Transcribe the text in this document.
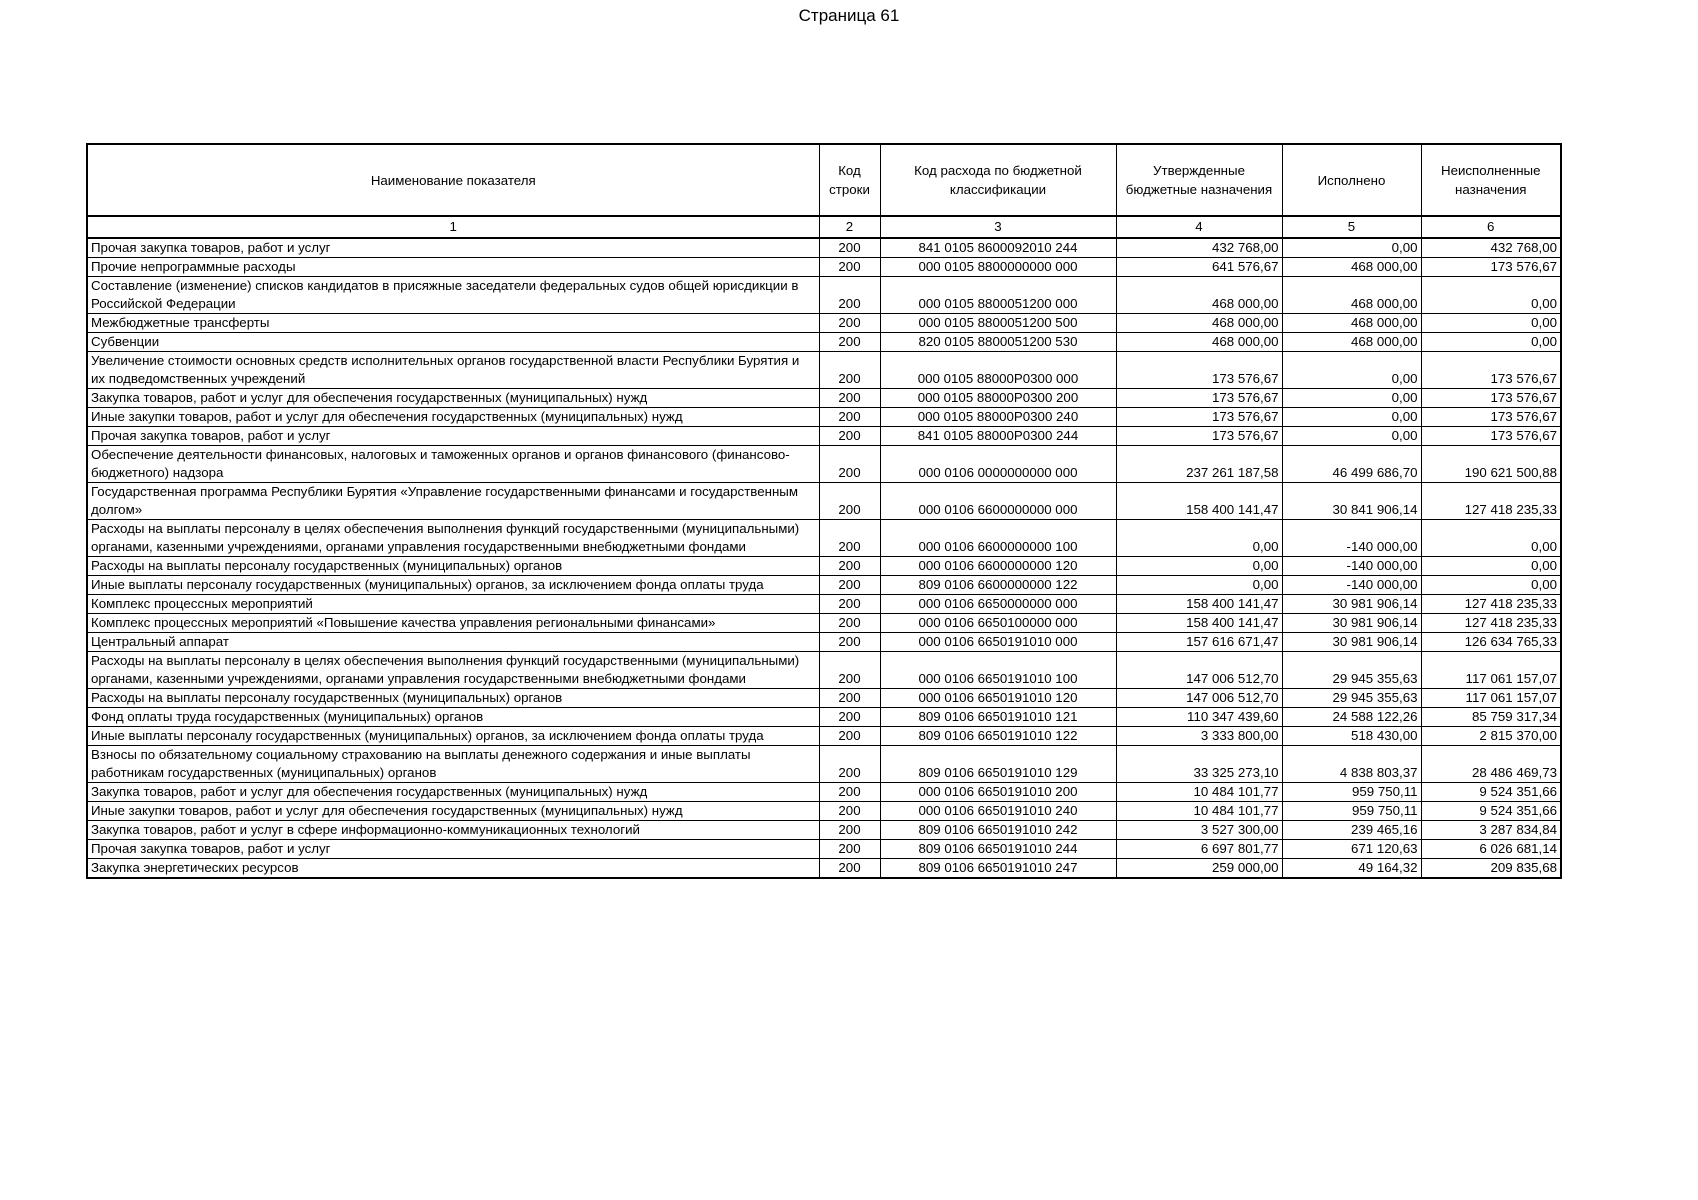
Страница 61
Наименование показателя	Код строки	Код расхода по бюджетной классификации	Утвержденные бюджетные назначения	Исполнено	Неисполненные назначения
1	2	3	4	5	6
Прочая закупка товаров, работ и услуг	200	841 0105 8600092010 244	432 768,00	0,00	432 768,00
Прочие непрограммные расходы	200	000 0105 8800000000 000	641 576,67	468 000,00	173 576,67
Составление (изменение) списков кандидатов в присяжные заседатели федеральных судов общей юрисдикции в Российской Федерации	200	000 0105 8800051200 000	468 000,00	468 000,00	0,00
Межбюджетные трансферты	200	000 0105 8800051200 500	468 000,00	468 000,00	0,00
Субвенции	200	820 0105 8800051200 530	468 000,00	468 000,00	0,00
Увеличение стоимости основных средств исполнительных органов государственной власти Республики Бурятия и их подведомственных учреждений	200	000 0105 88000P0300 000	173 576,67	0,00	173 576,67
Закупка товаров, работ и услуг для обеспечения государственных (муниципальных) нужд	200	000 0105 88000P0300 200	173 576,67	0,00	173 576,67
Иные закупки товаров, работ и услуг для обеспечения государственных (муниципальных) нужд	200	000 0105 88000P0300 240	173 576,67	0,00	173 576,67
Прочая закупка товаров, работ и услуг	200	841 0105 88000P0300 244	173 576,67	0,00	173 576,67
Обеспечение деятельности финансовых, налоговых и таможенных органов и органов финансового (финансово-бюджетного) надзора	200	000 0106 0000000000 000	237 261 187,58	46 499 686,70	190 621 500,88
Государственная программа Республики Бурятия «Управление государственными финансами и государственным долгом»	200	000 0106 6600000000 000	158 400 141,47	30 841 906,14	127 418 235,33
Расходы на выплаты персоналу в целях обеспечения выполнения функций государственными (муниципальными) органами, казенными учреждениями, органами управления государственными внебюджетными фондами	200	000 0106 6600000000 100	0,00	-140 000,00	0,00
Расходы на выплаты персоналу государственных (муниципальных) органов	200	000 0106 6600000000 120	0,00	-140 000,00	0,00
Иные выплаты персоналу государственных (муниципальных) органов, за исключением фонда оплаты труда	200	809 0106 6600000000 122	0,00	-140 000,00	0,00
Комплекс процессных мероприятий	200	000 0106 6650000000 000	158 400 141,47	30 981 906,14	127 418 235,33
Комплекс процессных мероприятий «Повышение качества управления региональными финансами»	200	000 0106 6650100000 000	158 400 141,47	30 981 906,14	127 418 235,33
Центральный аппарат	200	000 0106 6650191010 000	157 616 671,47	30 981 906,14	126 634 765,33
Расходы на выплаты персоналу в целях обеспечения выполнения функций государственными (муниципальными) органами, казенными учреждениями, органами управления государственными внебюджетными фондами	200	000 0106 6650191010 100	147 006 512,70	29 945 355,63	117 061 157,07
Расходы на выплаты персоналу государственных (муниципальных) органов	200	000 0106 6650191010 120	147 006 512,70	29 945 355,63	117 061 157,07
Фонд оплаты труда государственных (муниципальных) органов	200	809 0106 6650191010 121	110 347 439,60	24 588 122,26	85 759 317,34
Иные выплаты персоналу государственных (муниципальных) органов, за исключением фонда оплаты труда	200	809 0106 6650191010 122	3 333 800,00	518 430,00	2 815 370,00
Взносы по обязательному социальному страхованию на выплаты денежного содержания и иные выплаты работникам государственных (муниципальных) органов	200	809 0106 6650191010 129	33 325 273,10	4 838 803,37	28 486 469,73
Закупка товаров, работ и услуг для обеспечения государственных (муниципальных) нужд	200	000 0106 6650191010 200	10 484 101,77	959 750,11	9 524 351,66
Иные закупки товаров, работ и услуг для обеспечения государственных (муниципальных) нужд	200	000 0106 6650191010 240	10 484 101,77	959 750,11	9 524 351,66
Закупка товаров, работ и услуг в сфере информационно-коммуникационных технологий	200	809 0106 6650191010 242	3 527 300,00	239 465,16	3 287 834,84
Прочая закупка товаров, работ и услуг	200	809 0106 6650191010 244	6 697 801,77	671 120,63	6 026 681,14
Закупка энергетических ресурсов	200	809 0106 6650191010 247	259 000,00	49 164,32	209 835,68
